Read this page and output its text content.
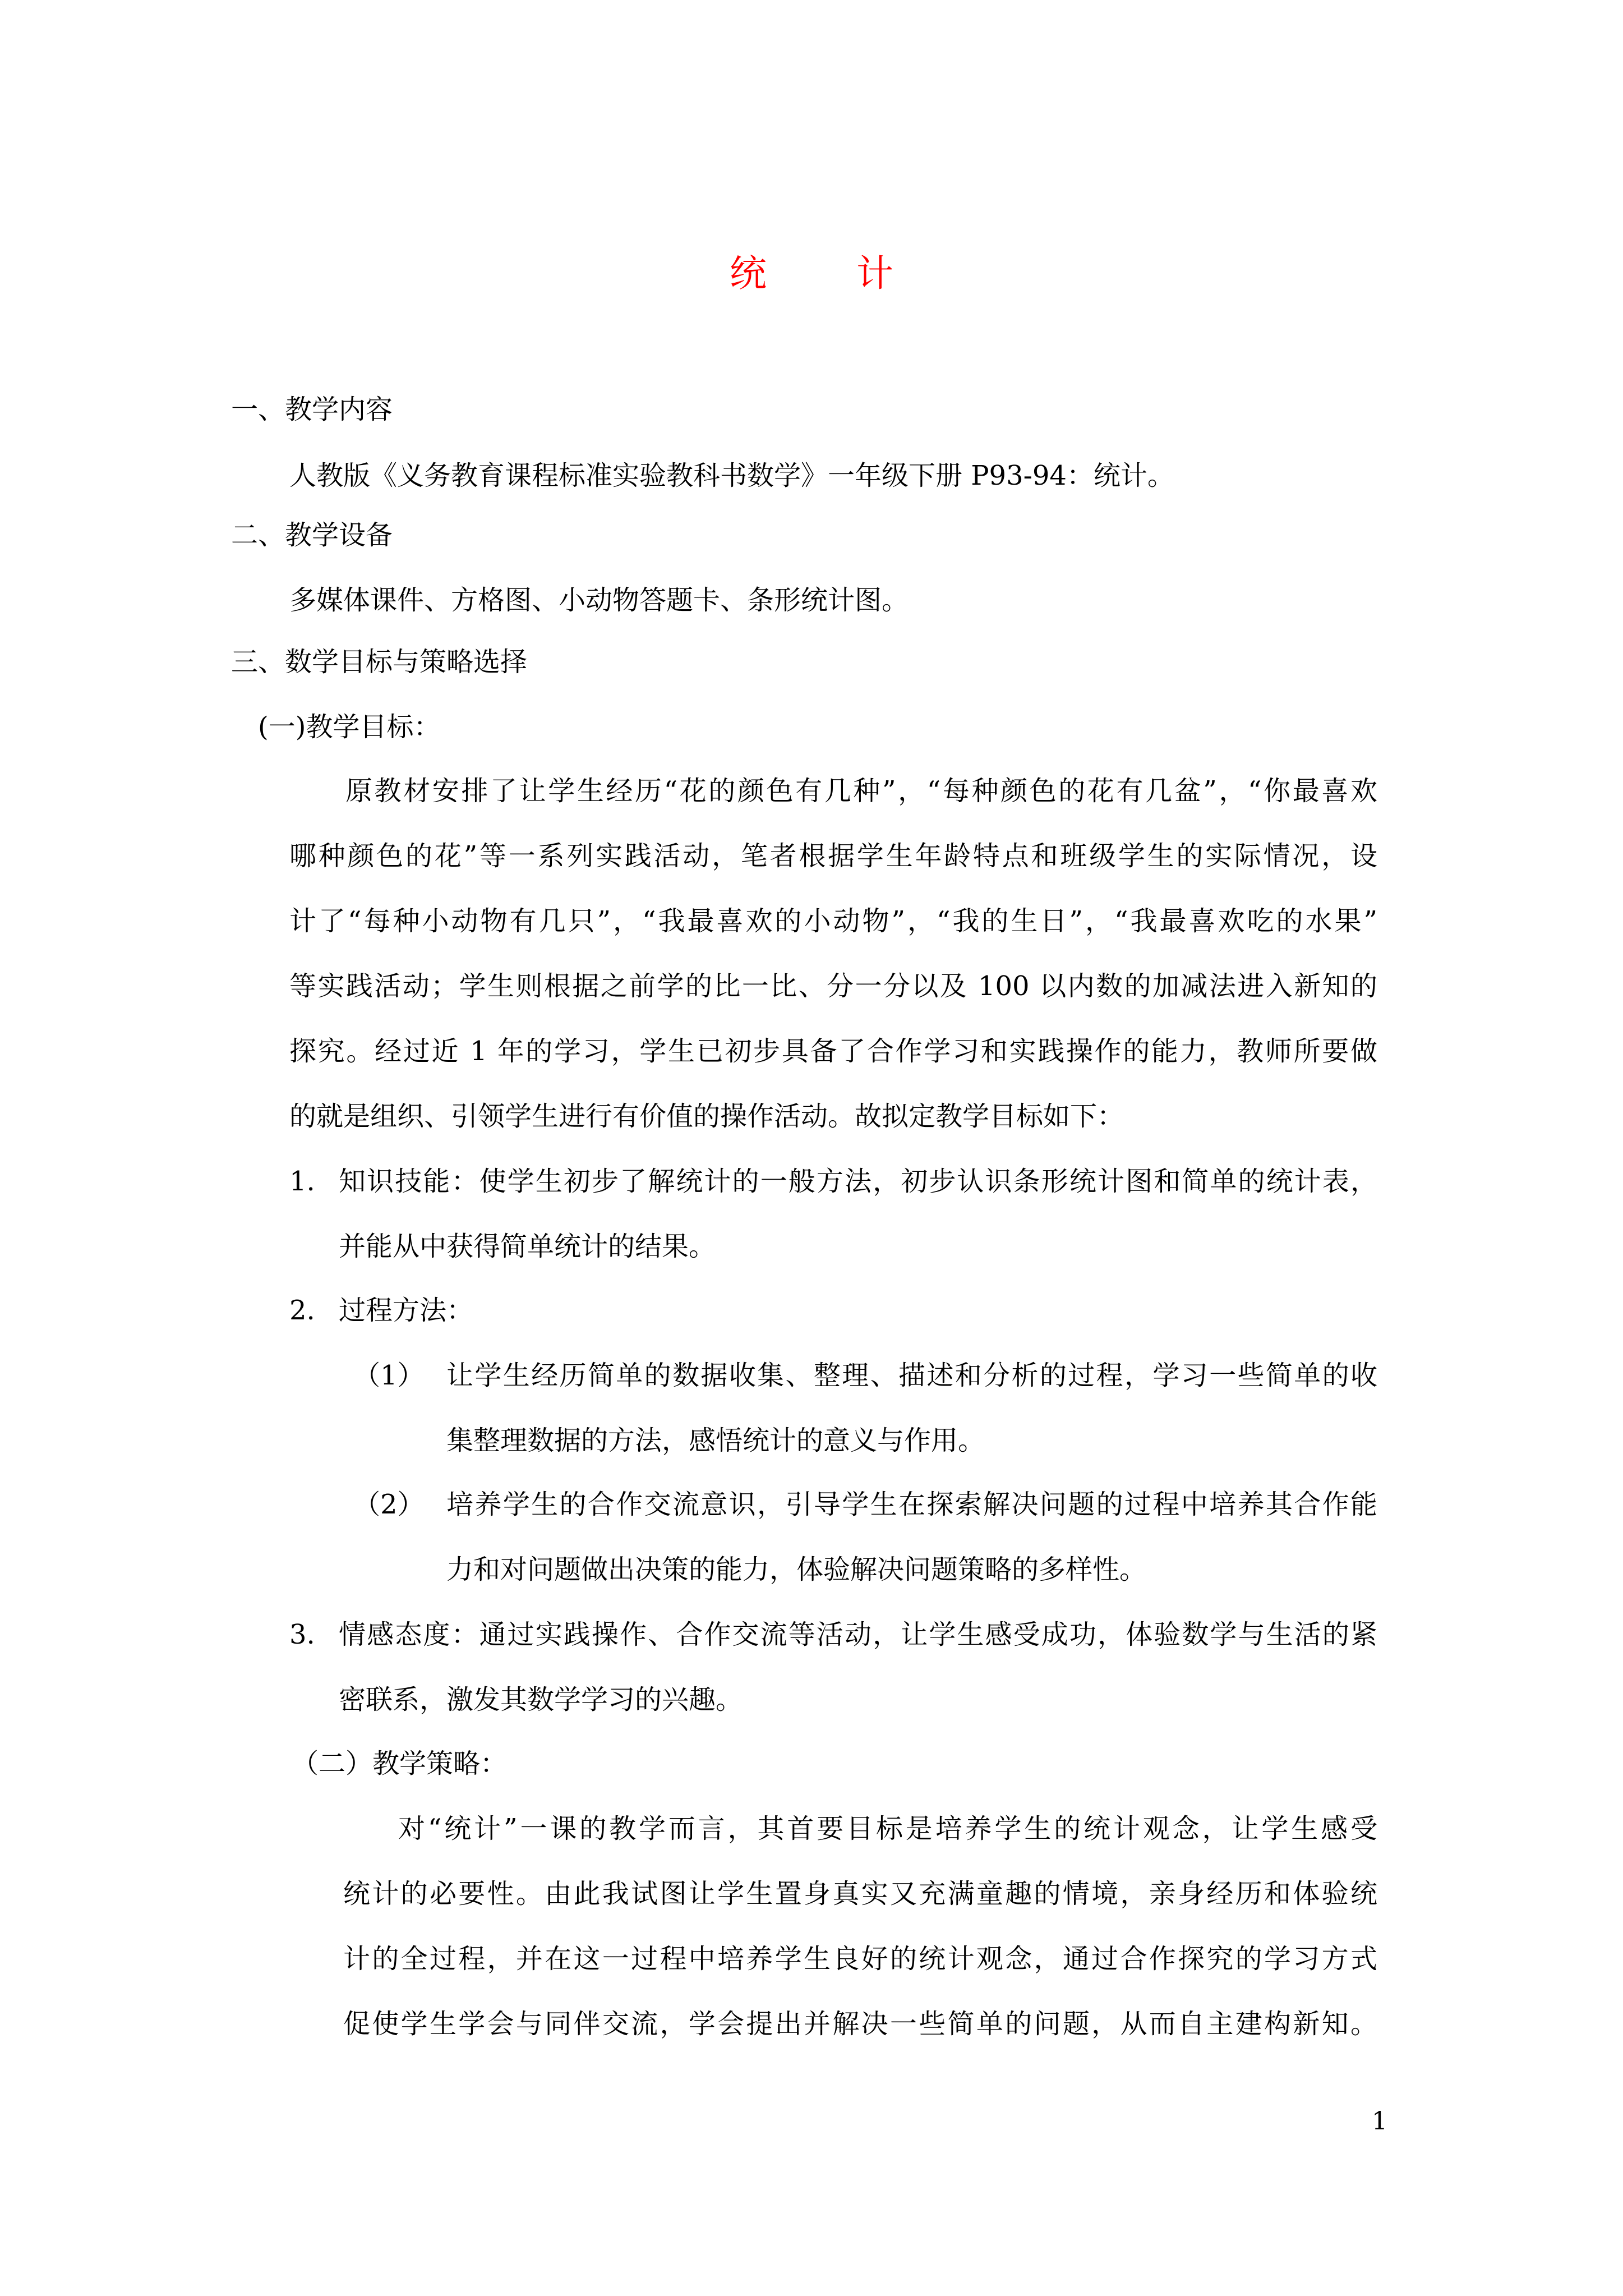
统计
一、教学内容
人教版《义务教育课程标准实验教科书数学》一年级下册 P93-94：统计。
二、教学设备
多媒体课件、方格图、小动物答题卡、条形统计图。
三、数学目标与策略选择
(一)教学目标：
原教材安排了让学生经历“花的颜色有几种”，“每种颜色的花有几盆”，“你最喜欢
哪种颜色的花”等一系列实践活动，笔者根据学生年龄特点和班级学生的实际情况，设
计了“每种小动物有几只”，“我最喜欢的小动物”，“我的生日”，“我最喜欢吃的水果”
等实践活动；学生则根据之前学的比一比、分一分以及 100 以内数的加减法进入新知的
探究。经过近 1 年的学习，学生已初步具备了合作学习和实践操作的能力，教师所要做
的就是组织、引领学生进行有价值的操作活动。故拟定教学目标如下：
1. 知识技能：使学生初步了解统计的一般方法，初步认识条形统计图和简单的统计表，
并能从中获得简单统计的结果。
2. 过程方法：
（1） 让学生经历简单的数据收集、整理、描述和分析的过程，学习一些简单的收
集整理数据的方法，感悟统计的意义与作用。
（2） 培养学生的合作交流意识，引导学生在探索解决问题的过程中培养其合作能
力和对问题做出决策的能力，体验解决问题策略的多样性。
3. 情感态度：通过实践操作、合作交流等活动，让学生感受成功，体验数学与生活的紧
密联系，激发其数学学习的兴趣。
（二）教学策略：
对“统计”一课的教学而言，其首要目标是培养学生的统计观念，让学生感受
统计的必要性。由此我试图让学生置身真实又充满童趣的情境，亲身经历和体验统
计的全过程，并在这一过程中培养学生良好的统计观念，通过合作探究的学习方式
促使学生学会与同伴交流，学会提出并解决一些简单的问题，从而自主建构新知。
1
